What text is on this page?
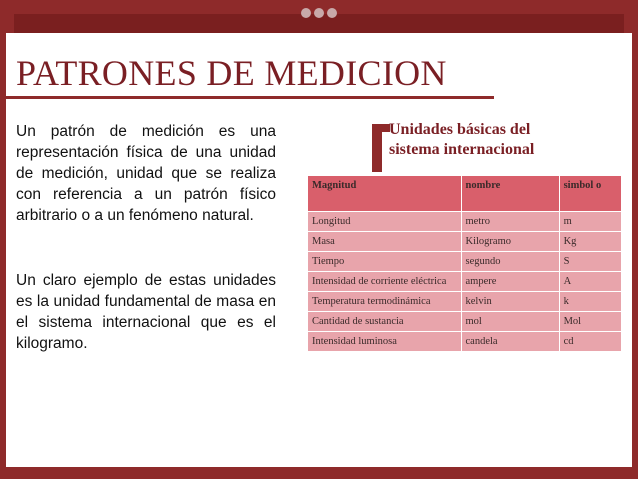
PATRONES DE MEDICION
Un patrón de medición es una representación física de una unidad de medición, unidad que se realiza con referencia a un patrón físico arbitrario o a un fenómeno natural.
Un claro ejemplo de estas unidades es la unidad fundamental de masa en el sistema internacional que es el kilogramo.
Unidades básicas del
sistema internacional
Magnitud	nombre	simbol o
Longitud	metro	m
Masa	Kilogramo	Kg
Tiempo	segundo	S
Intensidad de corriente eléctrica	ampere	A
Temperatura termodinámica	kelvin	k
Cantidad de sustancia	mol	Mol
Intensidad luminosa	candela	cd
